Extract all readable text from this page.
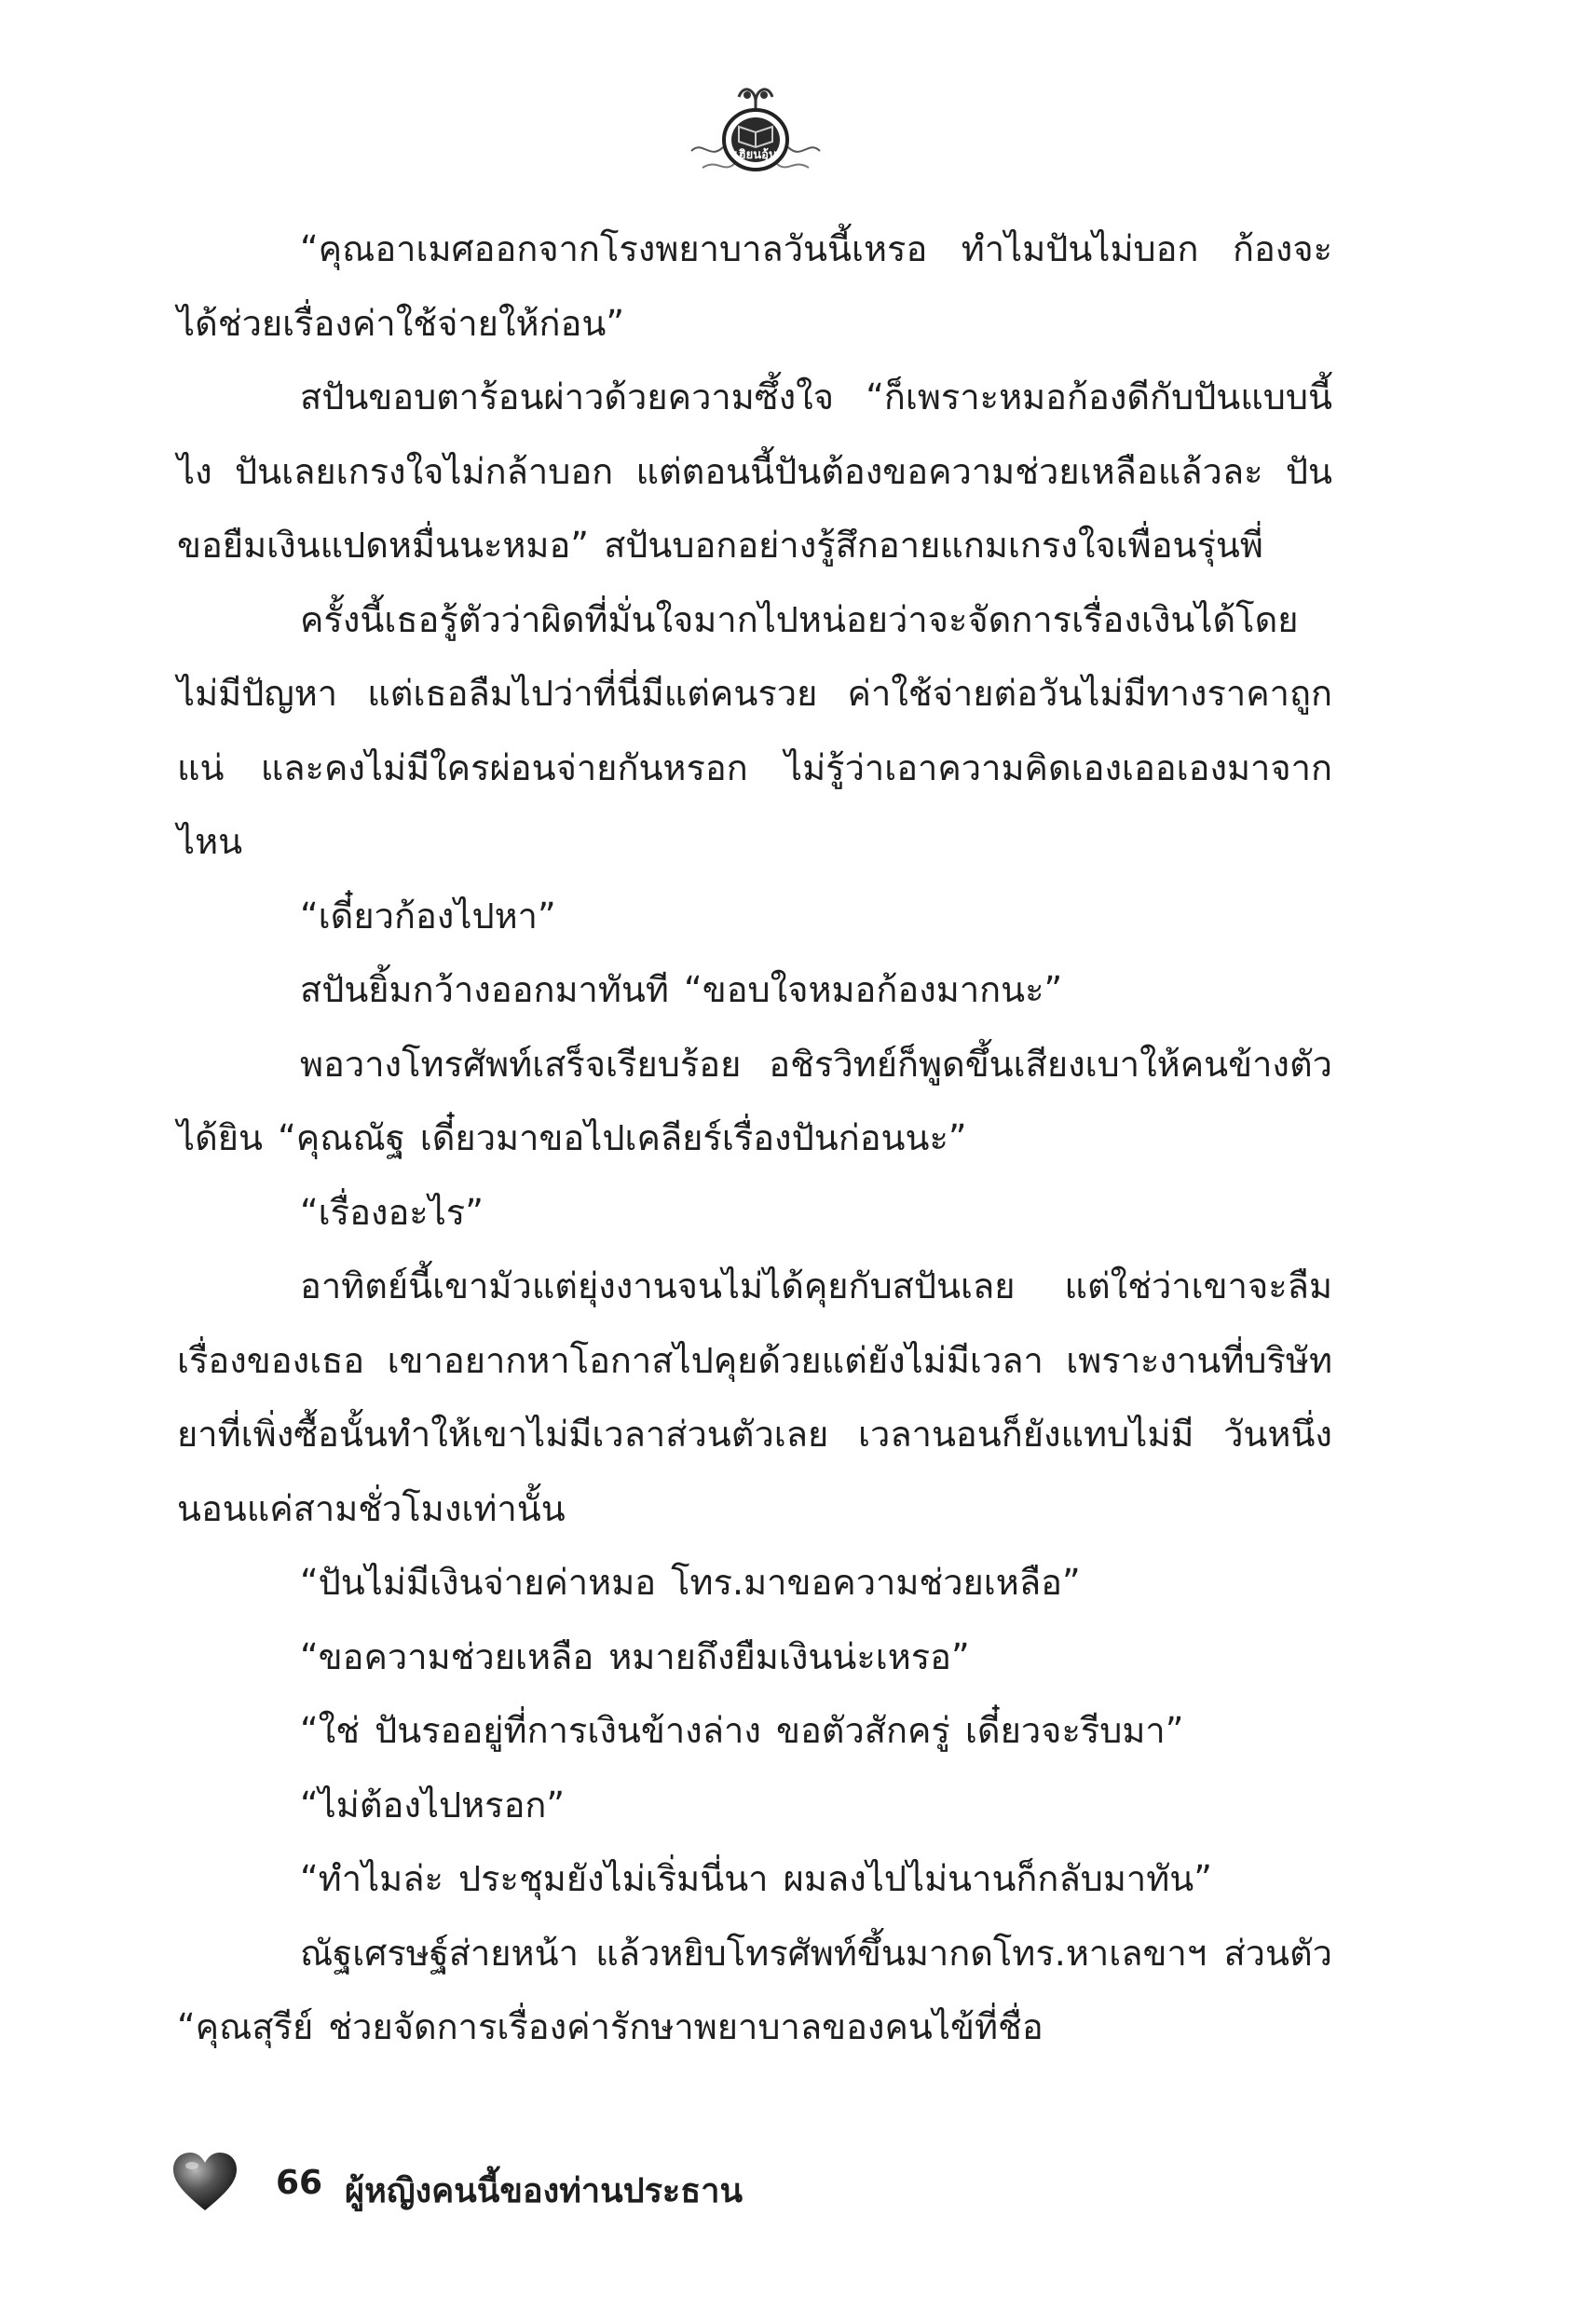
เฮิยนอุ้น

“คุณอาเมศออกจากโรงพยาบาลวันนี้เหรอ ทำไมปันไม่บอก ก้องจะได้ช่วยเรื่องค่าใช้จ่ายให้ก่อน”

สปันขอบตาร้อนผ่าวด้วยความซึ้งใจ “ก็เพราะหมอก้องดีกับปันแบบนี้ไง ปันเลยเกรงใจไม่กล้าบอก แต่ตอนนี้ปันต้องขอความช่วยเหลือแล้วละ ปันขอยืมเงินแปดหมื่นนะหมอ” สปันบอกอย่างรู้สึกอายแกมเกรงใจเพื่อนรุ่นพี่

ครั้งนี้เธอรู้ตัวว่าผิดที่มั่นใจมากไปหน่อยว่าจะจัดการเรื่องเงินได้โดยไม่มีปัญหา แต่เธอลืมไปว่าที่นี่มีแต่คนรวย ค่าใช้จ่ายต่อวันไม่มีทางราคาถูกแน่ และคงไม่มีใครผ่อนจ่ายกันหรอก ไม่รู้ว่าเอาความคิดเองเออเองมาจากไหน

“เดี๋ยวก้องไปหา”

สปันยิ้มกว้างออกมาทันที “ขอบใจหมอก้องมากนะ”

พอวางโทรศัพท์เสร็จเรียบร้อย อชิรวิทย์ก็พูดขึ้นเสียงเบาให้คนข้างตัวได้ยิน “คุณณัฐ เดี๋ยวมาขอไปเคลียร์เรื่องปันก่อนนะ”

“เรื่องอะไร”

อาทิตย์นี้เขามัวแต่ยุ่งงานจนไม่ได้คุยกับสปันเลย แต่ใช่ว่าเขาจะลืมเรื่องของเธอ เขาอยากหาโอกาสไปคุยด้วยแต่ยังไม่มีเวลา เพราะงานที่บริษัทยาที่เพิ่งซื้อนั้นทำให้เขาไม่มีเวลาส่วนตัวเลย เวลานอนก็ยังแทบไม่มี วันหนึ่งนอนแค่สามชั่วโมงเท่านั้น

“ปันไม่มีเงินจ่ายค่าหมอ โทร.มาขอความช่วยเหลือ”

“ขอความช่วยเหลือ หมายถึงยืมเงินน่ะเหรอ”

“ใช่ ปันรออยู่ที่การเงินข้างล่าง ขอตัวสักครู่ เดี๋ยวจะรีบมา”

“ไม่ต้องไปหรอก”

“ทำไมล่ะ ประชุมยังไม่เริ่มนี่นา ผมลงไปไม่นานก็กลับมาทัน”

ณัฐเศรษฐ์ส่ายหน้า แล้วหยิบโทรศัพท์ขึ้นมากดโทร.หาเลขาฯ ส่วนตัว “คุณสุรีย์ ช่วยจัดการเรื่องค่ารักษาพยาบาลของคนไข้ที่ชื่อ

66 ผู้หญิงคนนี้ของท่านประธาน
